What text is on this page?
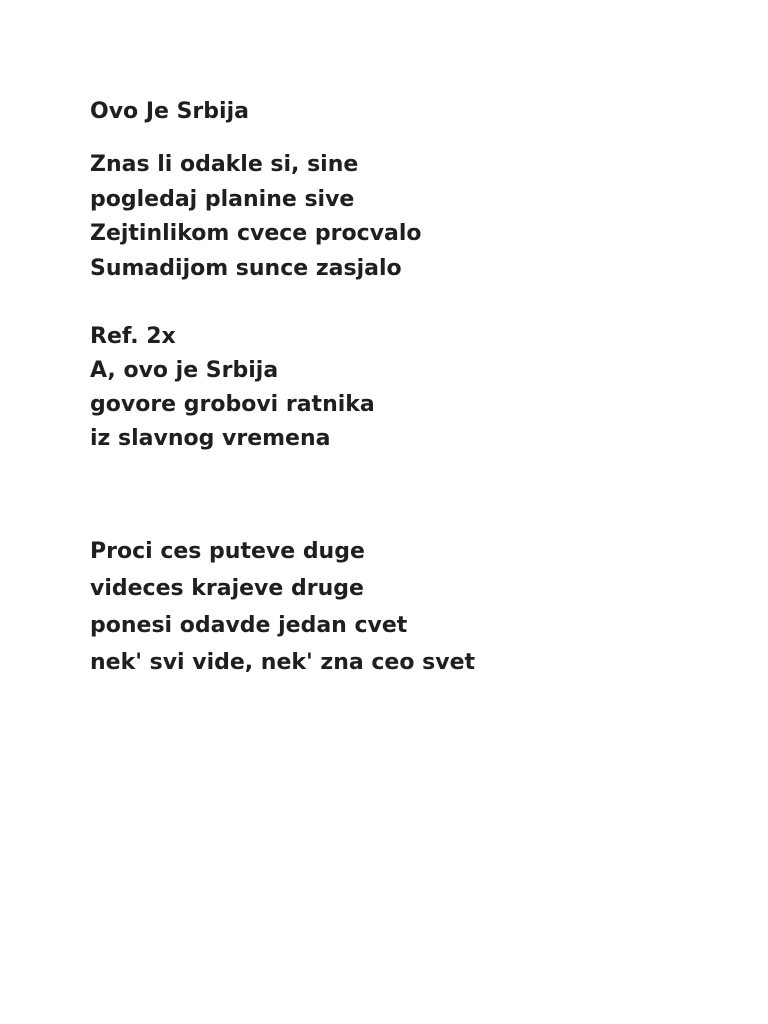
Ovo Je Srbija
Znas li odakle si, sine
pogledaj planine sive
Zejtinlikom cvece procvalo
Sumadijom sunce zasjalo
Ref. 2x
A, ovo je Srbija
govore grobovi ratnika
iz slavnog vremena
Proci ces puteve duge
videces krajeve druge
ponesi odavde jedan cvet
nek' svi vide, nek' zna ceo svet
